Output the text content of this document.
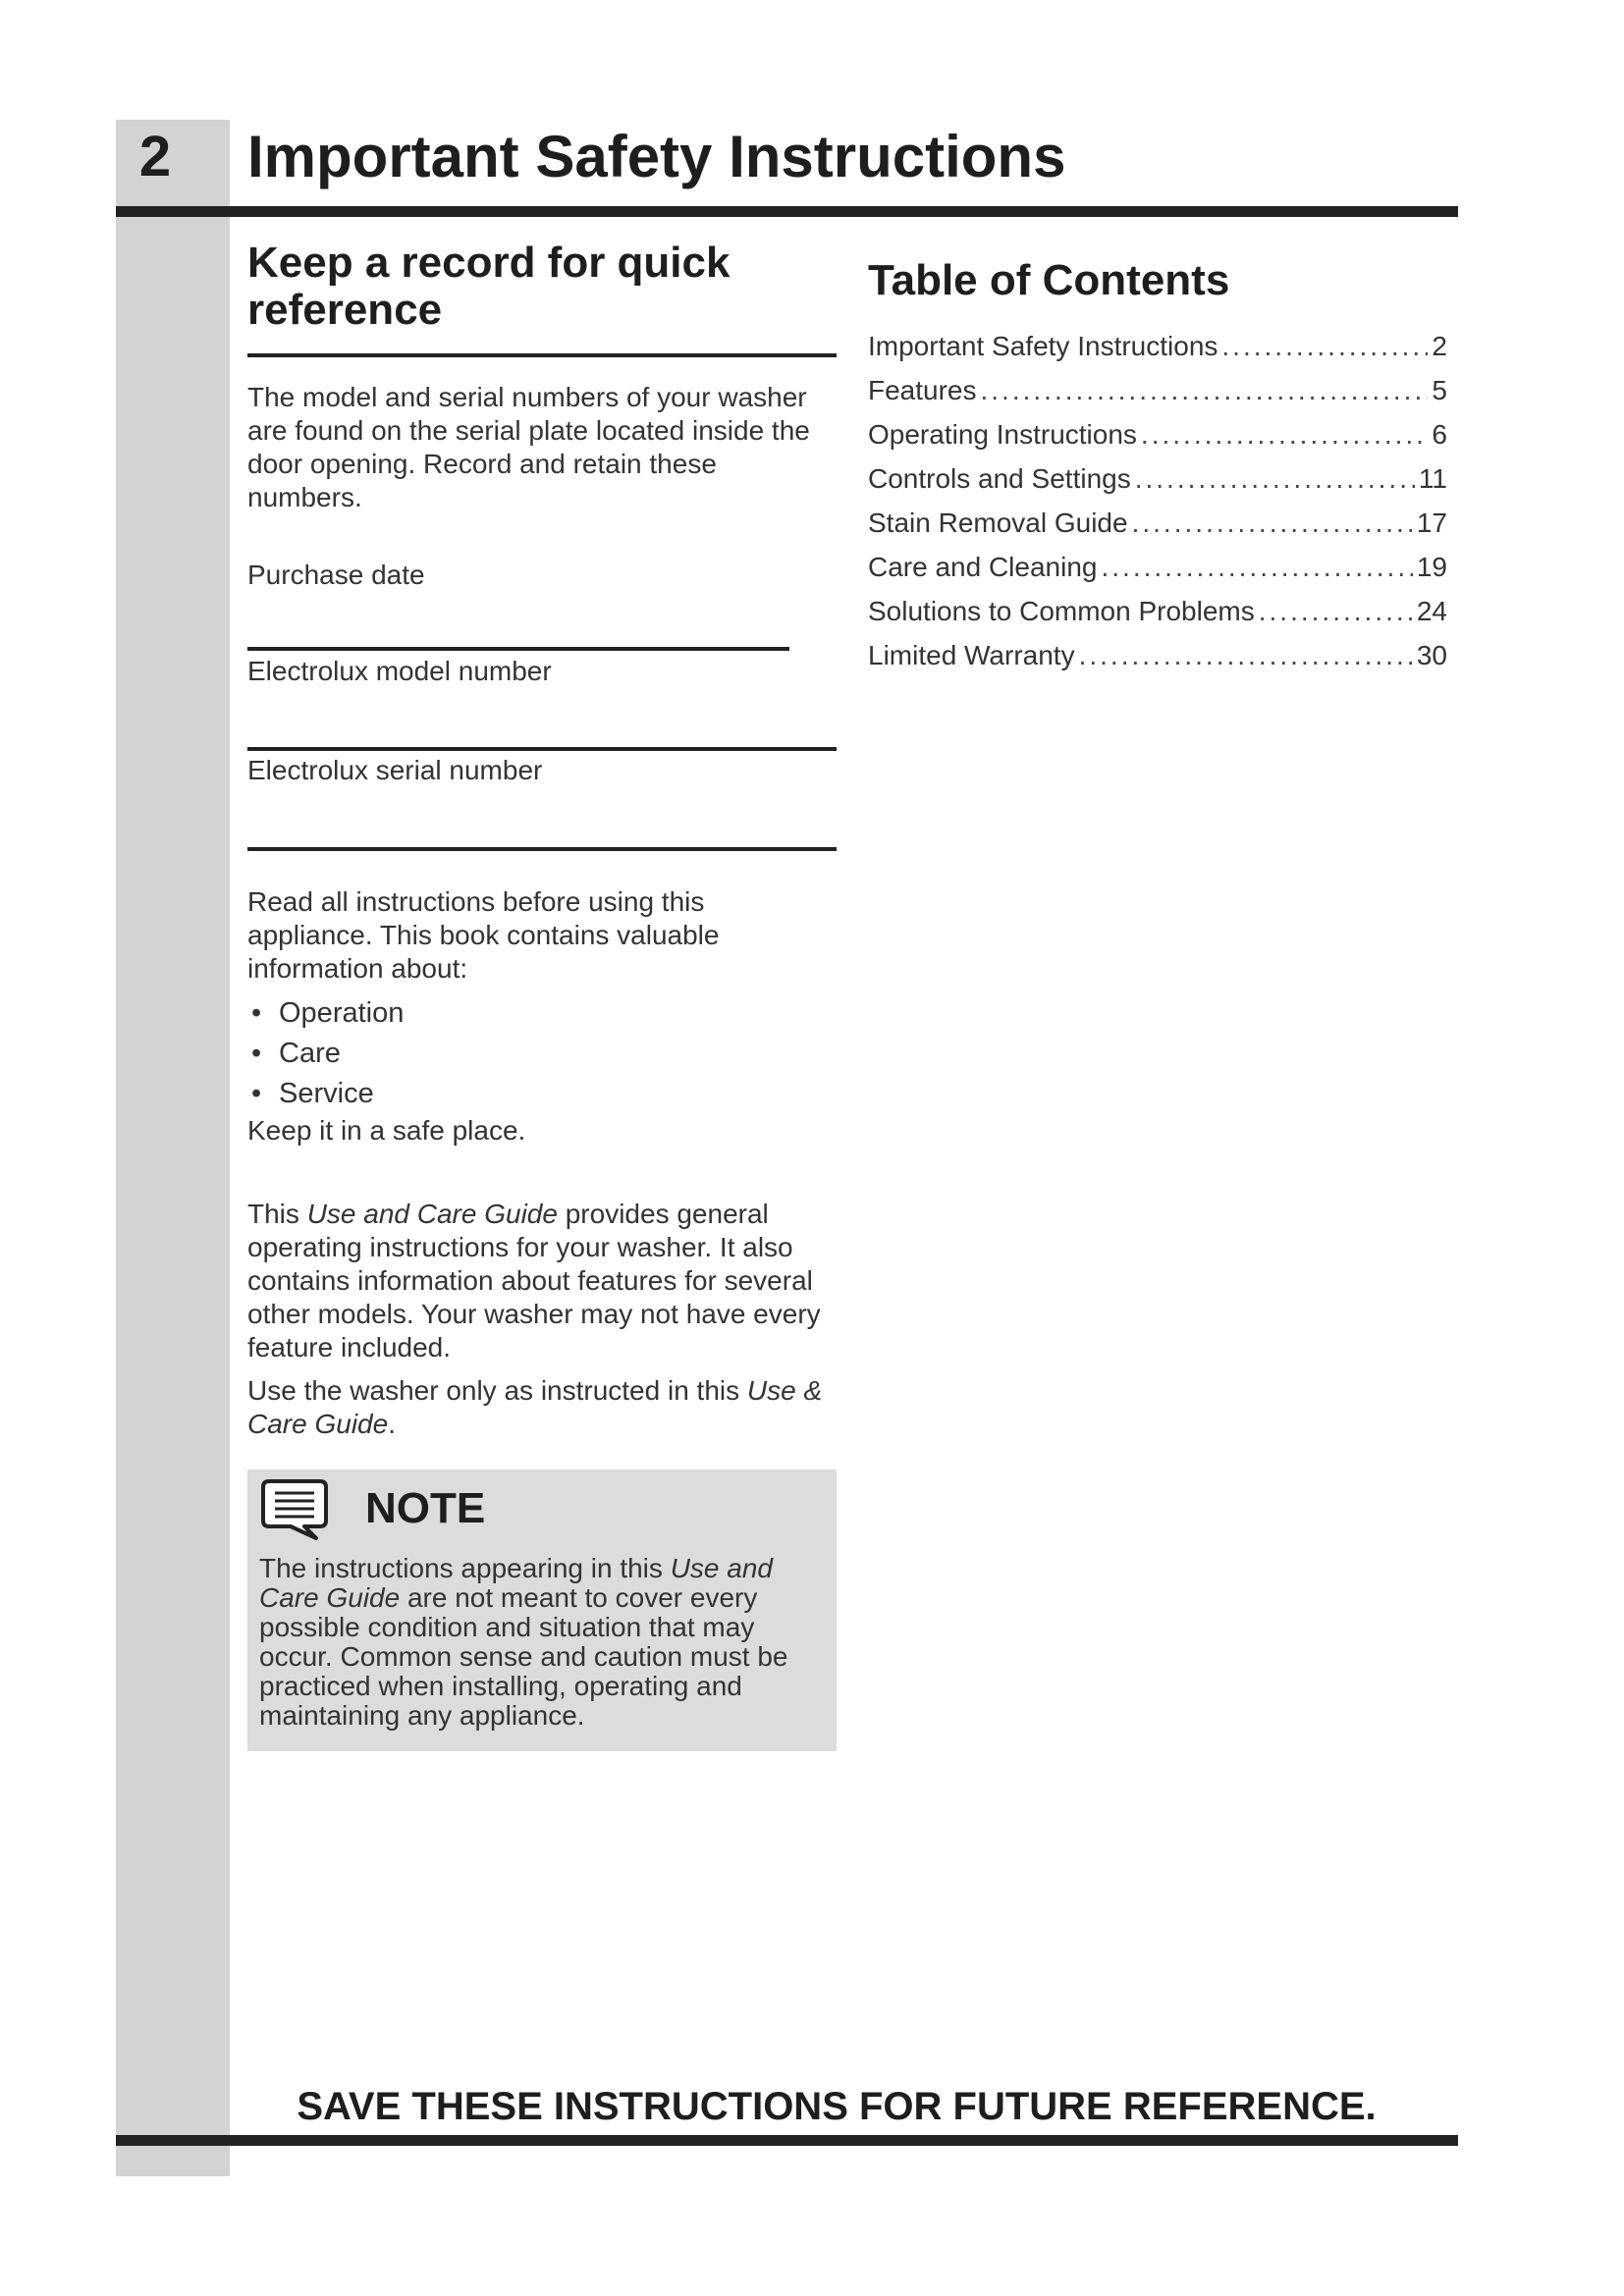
2	Important Safety Instructions
Keep a record for quick reference

The model and serial numbers of your washer are found on the serial plate located inside the door opening. Record and retain these numbers.

Purchase date
Electrolux model number
Electrolux serial number

Read all instructions before using this appliance. This book contains valuable information about:

• Operation
• Care
• Service

Keep it in a safe place.

This Use and Care Guide provides general operating instructions for your washer. It also contains information about features for several other models. Your washer may not have every feature included.

Use the washer only as instructed in this Use & Care Guide.

NOTE
The instructions appearing in this Use and Care Guide are not meant to cover every possible condition and situation that may occur. Common sense and caution must be practiced when installing, operating and maintaining any appliance.
Table of Contents
Important Safety Instructions .....	2
Features .....	5
Operating Instructions .....	6
Controls and Settings .....	11
Stain Removal Guide .....	17
Care and Cleaning .....	19
Solutions to Common Problems .....	24
Limited Warranty .....	30
SAVE THESE INSTRUCTIONS FOR FUTURE REFERENCE.
